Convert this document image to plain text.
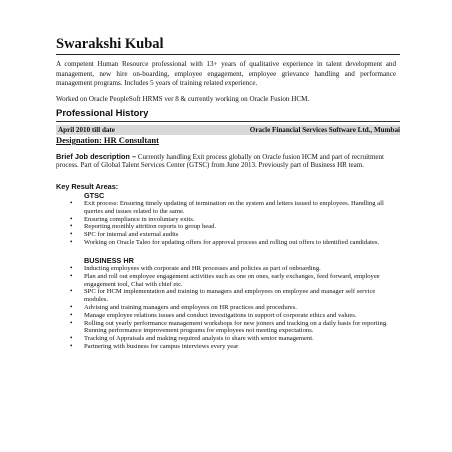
Swarakshi Kubal
A competent Human Resource professional with 13+ years of qualitative experience in talent development and management, new hire on-boarding, employee engagement, employee grievance handling and performance management programs. Includes 5 years of training related experience.
Worked on Oracle PeopleSoft HRMS ver 8 & currently working on Oracle Fusion HCM.
Professional History
April 2010 till date	Oracle Financial Services Software Ltd., Mumbai
Designation: HR Consultant
Brief Job description – Currently handling Exit process globally on Oracle fusion HCM and part of recruitment process. Part of Global Talent Services Center (GTSC) from June 2013. Previously part of Business HR team.
Key Result Areas:
GTSC
• Exit process: Ensuring timely updating of termination on the system and letters issued to employees. Handling all queries and issues related to the same.
• Ensuring compliance in involuntary exits.
• Reporting monthly attrition reports to group head.
• SPC for internal and external audits
• Working on Oracle Taleo for updating offers for approval process and rolling out offers to identified candidates.
BUSINESS HR
• Inducting employees with corporate and HR processes and policies as part of onboarding.
• Plan and roll out employee engagement activities such as one on ones, early exchanges, feed forward, employee engagement tool, Chai with chief etc.
• SPC for HCM implementation and training to managers and employees on employee and manager self service modules.
• Advising and training managers and employees on HR practices and procedures.
• Manage employee relations issues and conduct investigations in support of corporate ethics and values.
• Rolling out yearly performance management workshops for new joiners and tracking on a daily basis for reporting. Running performance improvement programs for employees not meeting expectations.
• Tracking of Appraisals and making required analysis to share with senior management.
• Partnering with business for campus interviews every year
